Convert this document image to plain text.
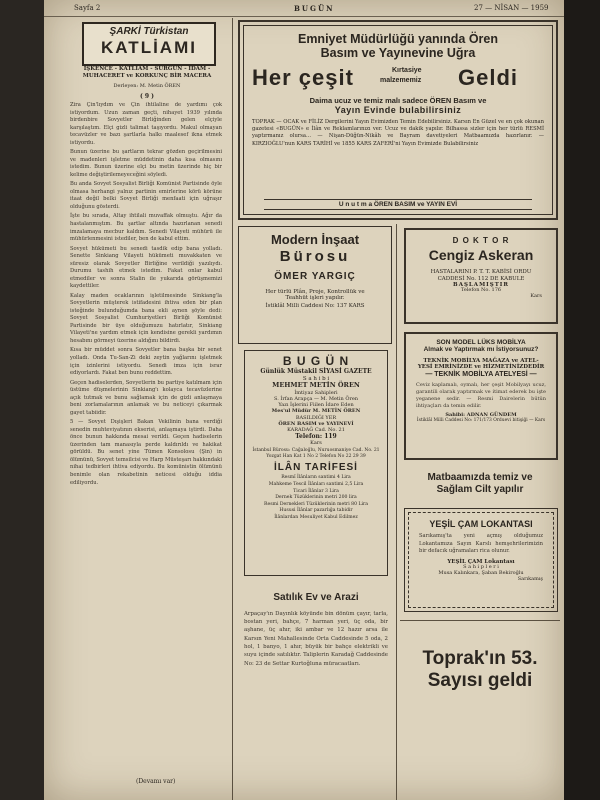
Sayfa 2	BUGÜN	27 — NİSAN — 1959
ŞARKİ Türkistan
KATLİAMI
İŞKENCE - KATLİAM - SÜRGÜN - İDAM - MUHACERET ve KORKUNÇ BİR MACERA
Derleyen: M. Metin ÖREN
( 9 )

Zira Çin'lıydım ve Çin ihtilaline de yardımı çok istiyordum. Uzun zaman geçti, nihayet 1939 yılında birdenbire Sovyetler Birliğinden gelen elçiyle karşılaştım. Elçi gizli talimat taşıyordu. Makul olmayan tecavüzler ve bazı şartlarla halkı maalesef ikna etmek istiyordu.

Bunun üzerine bu şartların tekrar gözden geçirilmesini ve madenleri işletme müddetinin daha kısa olmasını istedim. Bunun üzerine elçi bu metin üzerinde hiç bir kelime değiştirilemeyeceğini söyledi.

Bu anda Sovyet Sosyalist Birliği Komünist Partisinde öyle olmasa herhangi yalnız partinin emirlerine körü körüne itaat değil belki Sovyet Birliği menfaati için uğraşır olduğunu gösterdi.

İşte bu sırada, Altay ihtilali muvaffak olmuştu. Ağır da hastalanmıştım. Bu şartlar altında hazırlanan senedi imzalamaya mecbur kaldım. Senedi Vilayeti mühürü ile mühürlenmesini istediler, ben de kabul ettim.

Sovyet hükümeti bu senedi tasdik edip bana yolladı. Senette Sinkiang Vilayeti hükümeti muvakkaten ve süresiz olarak Sovyetler Birliğine verildiği yazılıydı. Durumu tashih etmek istedim. Fakat onlar kabul etmediler ve sonra Stalin ile yukarıda görüşmemizi kaydettiler.

Kalay maden ocaklarının işletilmesinde Sinkiang'la Sovyetlerin müşterek istifadesini ihtiva eden bir plan isteğinde bulunduğumda bana ekli aynen şöyle dedi: Sovyet Sosyalist Cumhuriyetleri Birliği Komünist Partisinde bir üye olduğumuzu hatırlatır, Sinkiang Vilayeti'ne yardım etmek için kendisine gerekli yardımın hesabını görmeyi üzerine aldığını bildirdi.

Kısa bir müddet sonra Sovyetler bana başka bir senet yolladı. Onda Tu-San-Zi deki zeytin yağlarını işletmek için izinlerini istiyordu. Senedi imza için israr ediyorlardı. Fakat ben bunu reddettim.

Geçen hadiselerden, Sovyetlerin bu partiye katılmam için üstüme düşmelerinin Sinkiang'ı kolayca tecavüzlerine açık tutmak ve bunu sağlamak için de gizli anlaşmaya beni zorlamalarının anlamak ve bu neticeyi çıkarmak gayet tabiidir.

5 — Sovyet Dışişleri Bakan Vekilinin bana verdiği senedin muhteviyatının ekserisi, anlaşmaya iştirdi. Daha önce bunun hakkında mesai verildi. Geçen hadiselerin üzerinden tam manasıyla perde kaldırıldı ve hakikat görüldü. Bu senet yine Tümen Konsolosu (Şin) in ölümünü, Sovyet temsilcisi ve Harp Müsteşarı hakkındaki nihai tedbirleri ihtiva ediyordu. Bu komünistin ölümünü benimle olan rekabetinin neticesi olduğu iddia ediliyordu.

(Devamı var)
Emniyet Müdürlüğü yanında Ören
Basım ve Yayınevine Uğra
Her çeşit	Kırtasiye
malzememiz Geldi
Daima ucuz ve temiz malı sadece ÖREN Basım ve
Yayın Evinde bulabilirsiniz
TOPRAK — OCAK ve FİLİZ Dergilerini Yayın Evimizden Temin Edebilirsiniz. Karsın En Güzel ve en çok okunan gazetesi «BUGÜN» e İlân ve Reklamlarınızı ver. Ucuz ve dakik yapılır. Bilhassa sizler için her türlü RESMİ yaptırmanız olursa... — Nişan-Düğün-Nikâh ve Bayram davetiyeleri Matbaamızda hazırlanır. — KIRZIOĞLU'nun KARS TARİHİ ve 1855 KARS ZAFERİ'ni Yayın Evimizde Bulabilirsiniz
U n u t m a ÖREN BASIM ve YAYIN EVİ
Modern İnşaat
Bürosu
ÖMER YARGIÇ
Her türlü Plân, Proje, Kontrollük ve
Teahhüt işleri yapılır.
İstiklâl Milli Caddesi No: 137 KARS
B U G Ü N
Günlük Müstakil SİYASİ GAZETE
S a h i b i
MEHMET METİN ÖREN
İmtiyaz Sahipleri
S. İrfan Arapça — M. Metin Ören
Yazı İşlerini Fiilen İdare Eden
Mes'ul Müdür M. METİN ÖREN
BASILDIĞI YER
ÖREN BASIM ve YAYINEVİ
KARADAĞ Cad. No. 21
Telefon: 119
Kars
İstanbul Bürosu: Cağaloğlu, Nuruosmaniye Cad. No. 21
Yozgat Han Kat 1 No 2 Telefon No 22 29 39
İLÂN TARİFESİ
Resmî İlânların santimi 4 Lira
Mahkeme Tescil İlânları santimi 2,5 Lira
Ticari İlânlar 3 Lira
Dernek Tüzüklerinin metri 200 lira
Resmi Dernekleri Tüzüklerinin metri 80 Lira
Hususi İlânlar pazarlığa tabidir
İlânlardan Mesuliyet Kabul Edilmez
Satılık Ev ve Arazi

Arpaçay'ın Dayınlık köyünde bin dönüm çayır, tarla, bostan yeri, bahçe, 7 harman yeri, üç oda, bir aşhane, üç ahır, iki ambar ve 12 hazır arsa ile Karsın Yeni Mahallesinde Orta Caddesinde 5 oda, 2 hol, 1 banyo, 1 ahır, büyük bir bahçe elektrikli ve suyu içinde satılıktır. Taliplerin Karadağ Caddesinde No: 23 de Settar Kurtoğluna müracaatları.

D O K T O R
Cengiz Askeran
HASTALARINI P. T. T. KABİSİ ORDU
CADDESİ No. 112 DE KABULE
BAŞLAMIŞTIR
Telefon No. 176
Kars
SON MODEL LÜKS MOBİLYA
Almak ve Yaptırmak mı İstiyorsunuz?
TEKNİK MOBİLYA MAĞAZA ve ATEL-
YESİ EMRİNİZDE ve HİZMETİNİZDEDİR
— TEKNİK MOBİLYA ATELYESİ —

Ceviz kaplamalı, oymalı, her çeşit Mobilyayı ucuz, garantili olarak yaptırmak ve itimat ederek bu işte yeganene sedir. — Resmi Dairelerin bütün ihtiyaçları da temin edilir.

Sahibi: ADNAN GÜNDEM
İstiklâl Milli Caddesi No: 171/173 Orduevi bitişiği — Kars
Matbaamızda temiz ve
Sağlam Cilt yapılır
YEŞİL ÇAM LOKANTASI

Sarıkamış'ta yeni açmış olduğumuz Lokantamıza Sayın Karslı hemşehrilerimizin bir defacık uğramaları rica olunur.

YEŞİL ÇAM Lokantası
S a h i p l e r i
Musa Kalınkara, Şaban Bekiroğlu
Sarıkamış
Toprak'ın 53.
Sayısı geldi
